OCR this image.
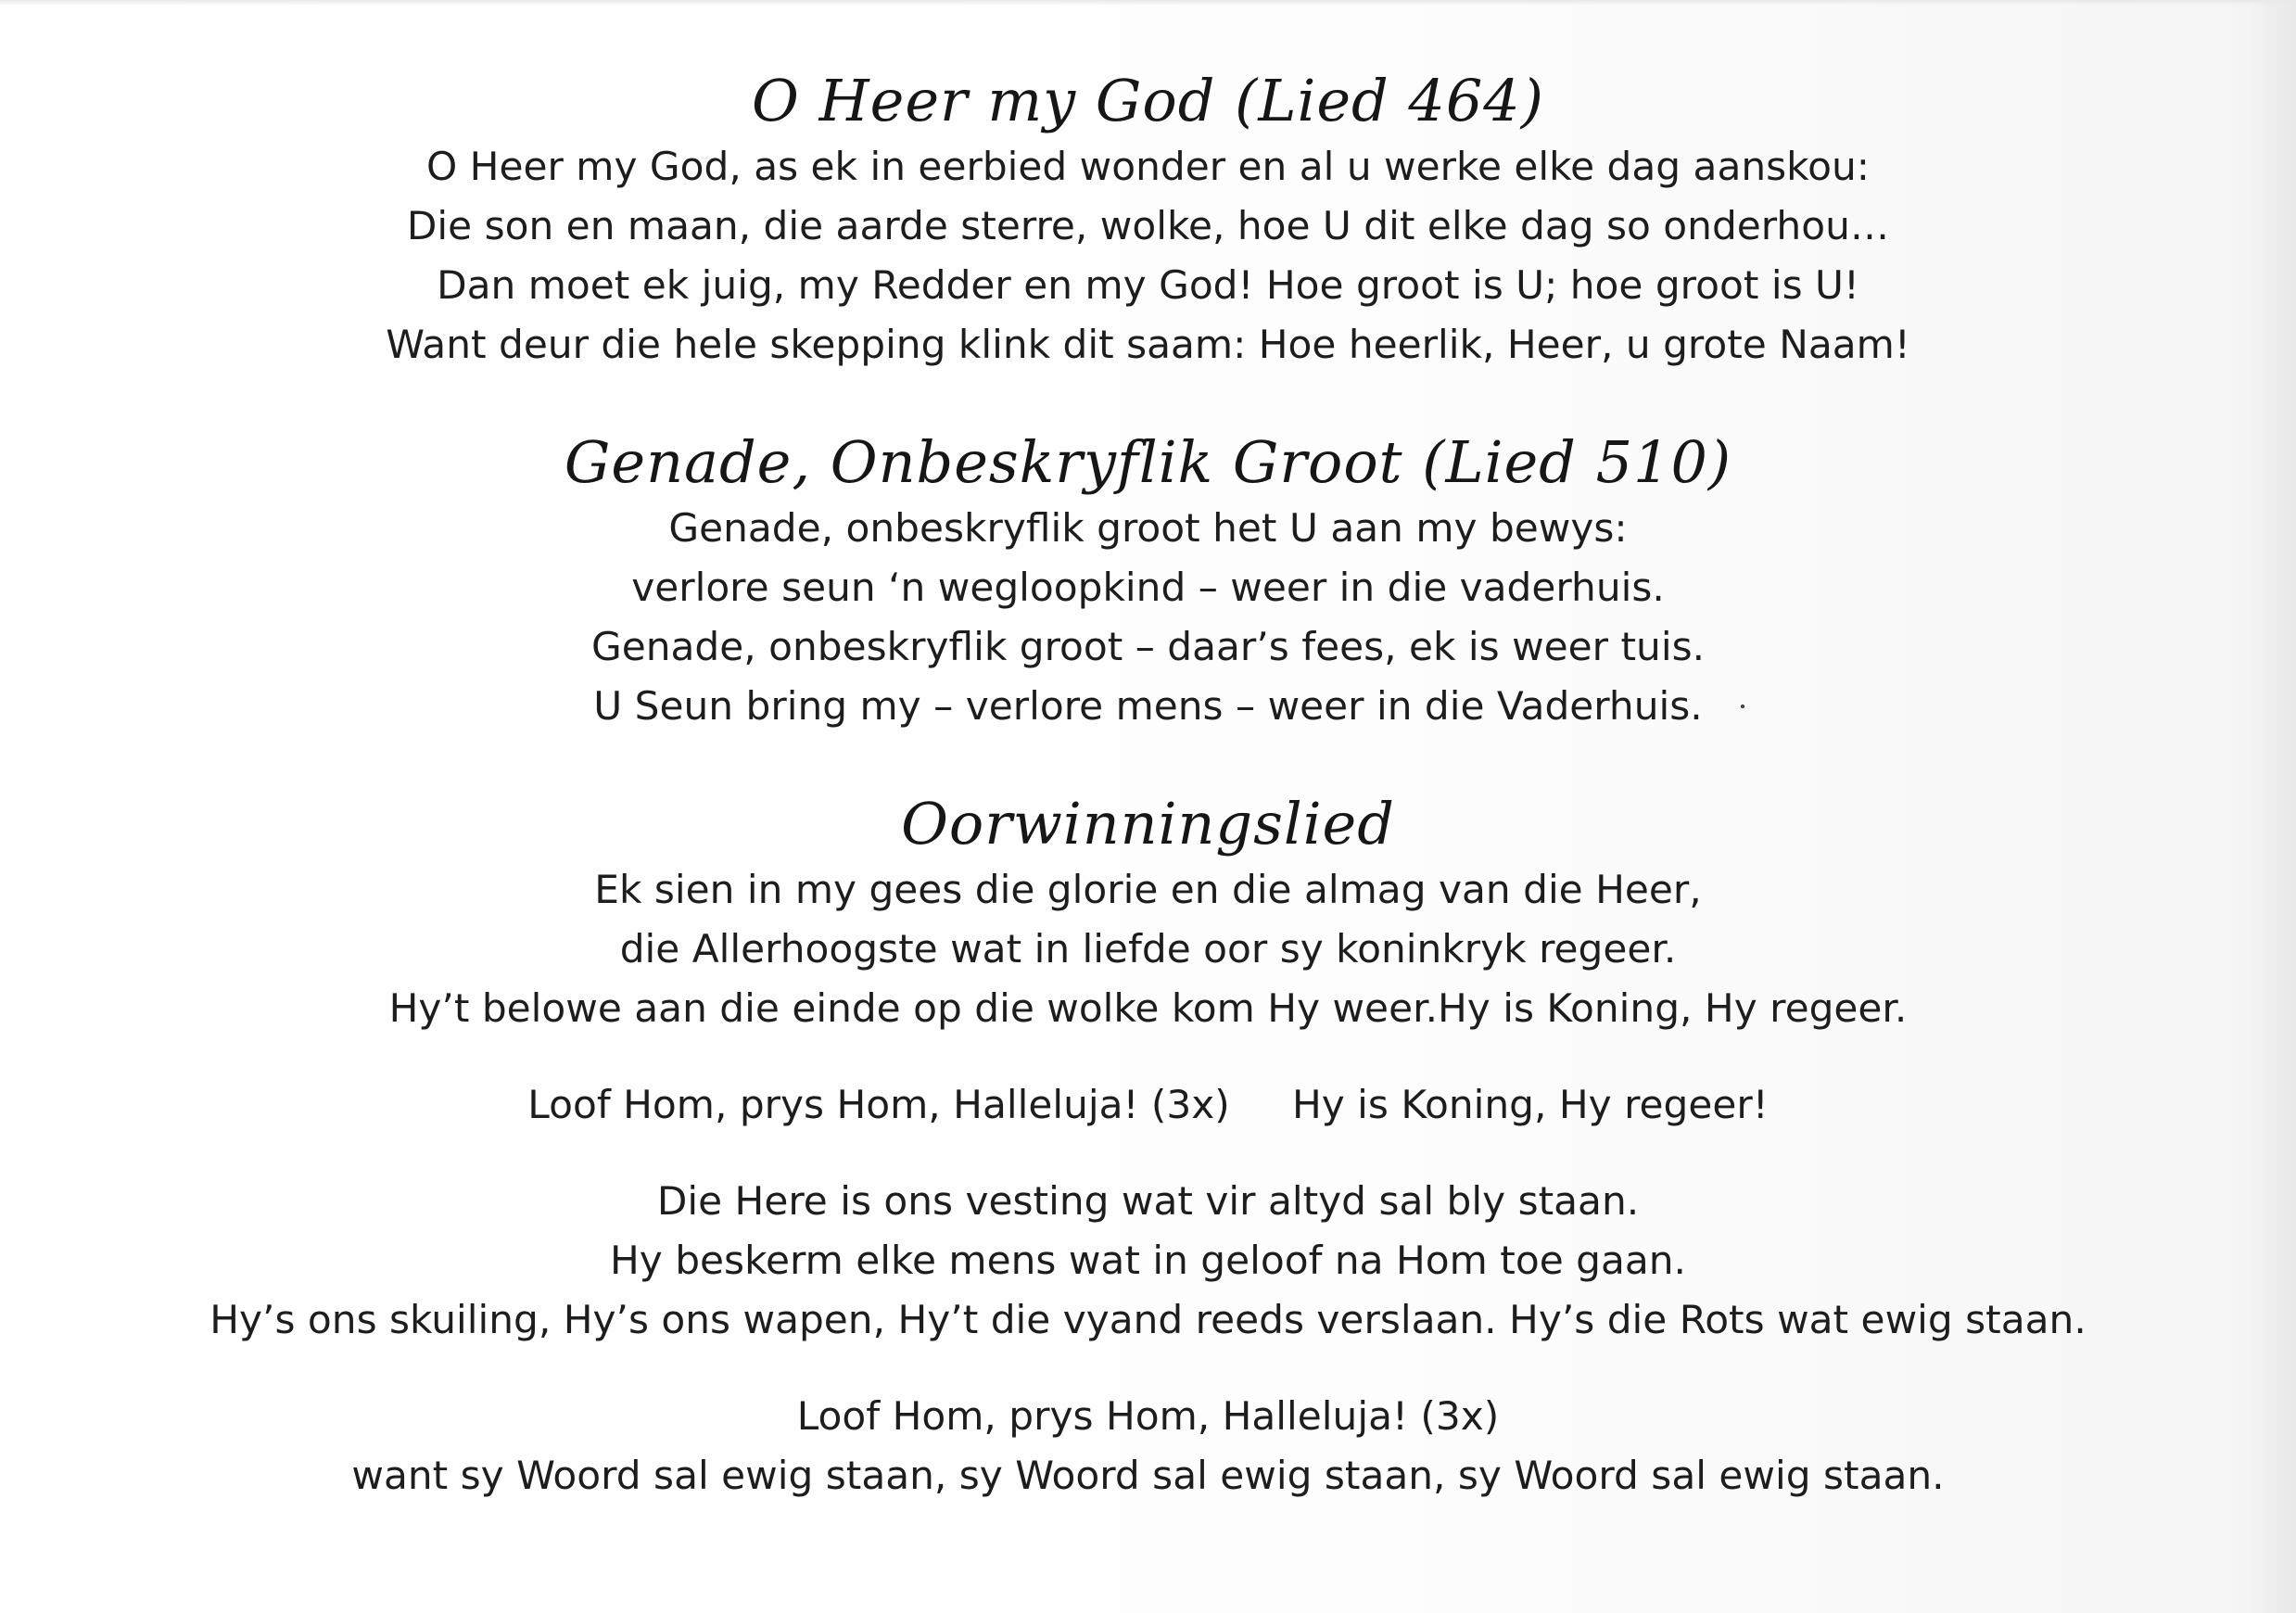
O Heer my God (Lied 464)

O Heer my God, as ek in eerbied wonder en al u werke elke dag aanskou:

Die son en maan, die aarde sterre, wolke, hoe U dit elke dag so onderhou…

Dan moet ek juig, my Redder en my God! Hoe groot is U; hoe groot is U!

Want deur die hele skepping klink dit saam: Hoe heerlik, Heer, u grote Naam!

Genade, Onbeskryflik Groot (Lied 510)

Genade, onbeskryflik groot het U aan my bewys:

verlore seun ‘n wegloopkind – weer in die vaderhuis.

Genade, onbeskryflik groot – daar’s fees, ek is weer tuis.

U Seun bring my – verlore mens – weer in die Vaderhuis.

Oorwinningslied

Ek sien in my gees die glorie en die almag van die Heer,

die Allerhoogste wat in liefde oor sy koninkryk regeer.

Hy’t belowe aan die einde op die wolke kom Hy weer.Hy is Koning, Hy regeer.

Loof Hom, prys Hom, Halleluja! (3x)     Hy is Koning, Hy regeer!

Die Here is ons vesting wat vir altyd sal bly staan.

Hy beskerm elke mens wat in geloof na Hom toe gaan.

Hy’s ons skuiling, Hy’s ons wapen, Hy’t die vyand reeds verslaan. Hy’s die Rots wat ewig staan.

Loof Hom, prys Hom, Halleluja! (3x)

want sy Woord sal ewig staan, sy Woord sal ewig staan, sy Woord sal ewig staan.
